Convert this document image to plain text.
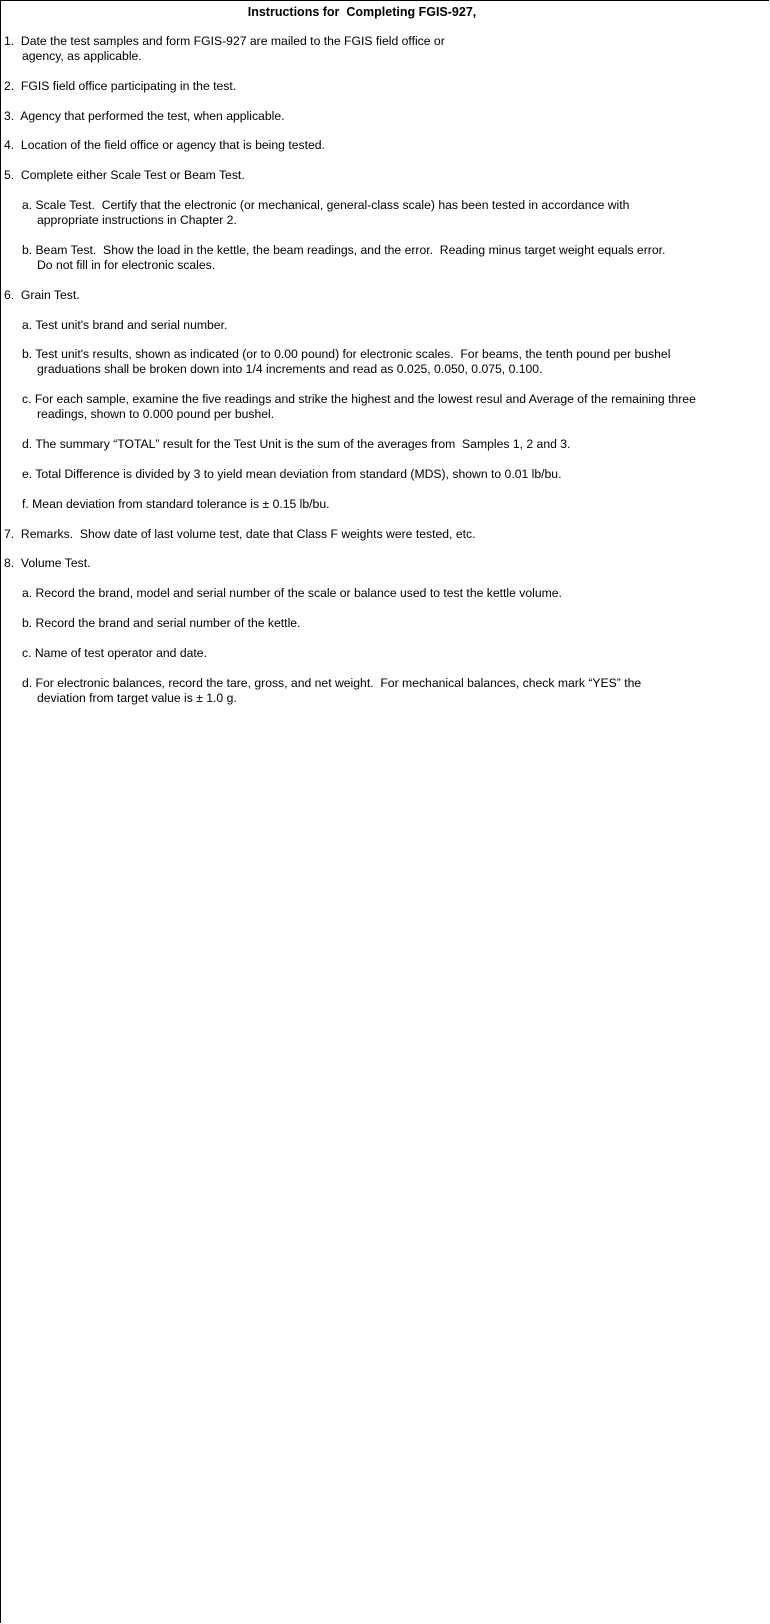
Instructions for  Completing FGIS-927,
1.  Date the test samples and form FGIS-927 are mailed to the FGIS field office or
agency, as applicable.
2.  FGIS field office participating in the test.
3.  Agency that performed the test, when applicable.
4.  Location of the field office or agency that is being tested.
5.  Complete either Scale Test or Beam Test.
a. Scale Test.  Certify that the electronic (or mechanical, general-class scale) has been tested in accordance with
appropriate instructions in Chapter 2.
b. Beam Test.  Show the load in the kettle, the beam readings, and the error.  Reading minus target weight equals error.
Do not fill in for electronic scales.
6.  Grain Test.
a. Test unit's brand and serial number.
b. Test unit's results, shown as indicated (or to 0.00 pound) for electronic scales.  For beams, the tenth pound per bushel
graduations shall be broken down into 1/4 increments and read as 0.025, 0.050, 0.075, 0.100.
c. For each sample, examine the five readings and strike the highest and the lowest resul and Average of the remaining three
readings, shown to 0.000 pound per bushel.
d. The summary “TOTAL” result for the Test Unit is the sum of the averages from  Samples 1, 2 and 3.
e. Total Difference is divided by 3 to yield mean deviation from standard (MDS), shown to 0.01 lb/bu.
f. Mean deviation from standard tolerance is ± 0.15 lb/bu.
7.  Remarks.  Show date of last volume test, date that Class F weights were tested, etc.
8.  Volume Test.
a. Record the brand, model and serial number of the scale or balance used to test the kettle volume.
b. Record the brand and serial number of the kettle.
c. Name of test operator and date.
d. For electronic balances, record the tare, gross, and net weight.  For mechanical balances, check mark “YES” the
deviation from target value is ± 1.0 g.
